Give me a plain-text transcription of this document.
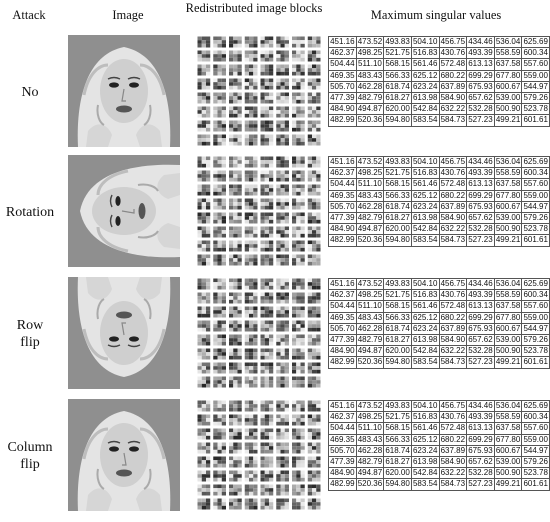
Attack	Image	Redistributed image blocks	Maximum singular values
No
451.16	473.52	493.83	504.10	456.75	434.46	536.04	625.69
462.37	498.25	521.75	516.83	430.76	493.39	558.59	600.34
504.44	511.10	568.15	561.46	572.48	613.13	637.58	557.60
469.35	483.43	566.33	625.12	680.22	699.29	677.80	559.00
505.70	462.28	618.74	623.24	637.89	675.93	600.67	544.97
477.39	482.79	618.27	613.98	584.90	657.62	539.00	579.26
484.90	494.87	620.00	542.84	632.22	532.28	500.90	523.78
482.99	520.36	594.80	583.54	584.73	527.23	499.21	601.61
Rotation
451.16	473.52	493.83	504.10	456.75	434.46	536.04	625.69
462.37	498.25	521.75	516.83	430.76	493.39	558.59	600.34
504.44	511.10	568.15	561.46	572.48	613.13	637.58	557.60
469.35	483.43	566.33	625.12	680.22	699.29	677.80	559.00
505.70	462.28	618.74	623.24	637.89	675.93	600.67	544.97
477.39	482.79	618.27	613.98	584.90	657.62	539.00	579.26
484.90	494.87	620.00	542.84	632.22	532.28	500.90	523.78
482.99	520.36	594.80	583.54	584.73	527.23	499.21	601.61
Row
flip
451.16	473.52	493.83	504.10	456.75	434.46	536.04	625.69
462.37	498.25	521.75	516.83	430.76	493.39	558.59	600.34
504.44	511.10	568.15	561.46	572.48	613.13	637.58	557.60
469.35	483.43	566.33	625.12	680.22	699.29	677.80	559.00
505.70	462.28	618.74	623.24	637.89	675.93	600.67	544.97
477.39	482.79	618.27	613.98	584.90	657.62	539.00	579.26
484.90	494.87	620.00	542.84	632.22	532.28	500.90	523.78
482.99	520.36	594.80	583.54	584.73	527.23	499.21	601.61
Column
flip
451.16	473.52	493.83	504.10	456.75	434.46	536.04	625.69
462.37	498.25	521.75	516.83	430.76	493.39	558.59	600.34
504.44	511.10	568.15	561.46	572.48	613.13	637.58	557.60
469.35	483.43	566.33	625.12	680.22	699.29	677.80	559.00
505.70	462.28	618.74	623.24	637.89	675.93	600.67	544.97
477.39	482.79	618.27	613.98	584.90	657.62	539.00	579.26
484.90	494.87	620.00	542.84	632.22	532.28	500.90	523.78
482.99	520.36	594.80	583.54	584.73	527.23	499.21	601.61
